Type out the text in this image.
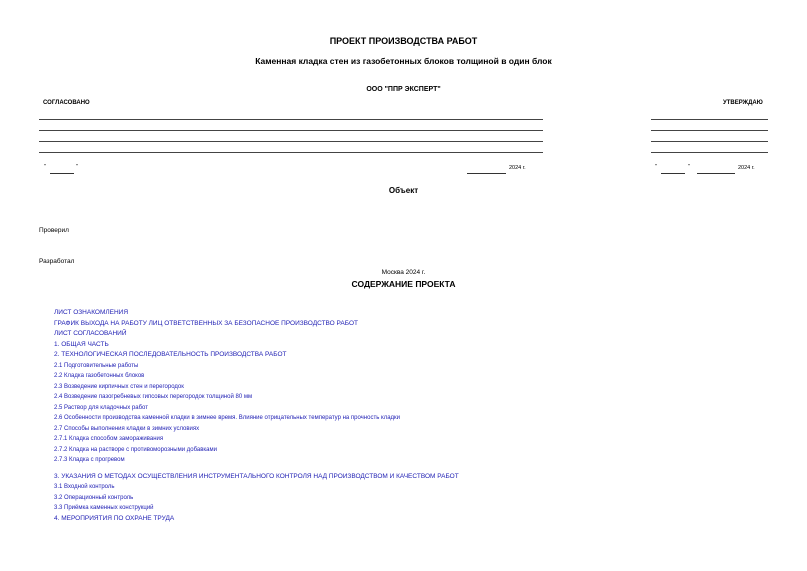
ПРОЕКТ ПРОИЗВОДСТВА РАБОТ
Каменная кладка стен из газобетонных блоков толщиной в один блок
ООО "ППР ЭКСПЕРТ"
СОГЛАСОВАНО	УТВЕРЖДАЮ
"	"	2024 г.	"	"	2024 г.
Объект
Проверил
Разработал
Москва 2024 г.
СОДЕРЖАНИЕ ПРОЕКТА
ЛИСТ ОЗНАКОМЛЕНИЯ
ГРАФИК ВЫХОДА НА РАБОТУ ЛИЦ ОТВЕТСТВЕННЫХ ЗА БЕЗОПАСНОЕ ПРОИЗВОДСТВО РАБОТ
ЛИСТ СОГЛАСОВАНИЙ
1. ОБЩАЯ ЧАСТЬ
2. ТЕХНОЛОГИЧЕСКАЯ ПОСЛЕДОВАТЕЛЬНОСТЬ ПРОИЗВОДСТВА РАБОТ
2.1 Подготовительные работы
2.2 Кладка газобетонных блоков
2.3 Возведение кирпичных стен и перегородок
2.4 Возведение пазогребневых гипсовых перегородок толщиной 80 мм
2.5 Раствор для кладочных работ
2.6 Особенности производства каменной кладки в зимнее время. Влияние отрицательных температур на прочность кладки
2.7 Способы выполнения кладки в зимних условиях
2.7.1 Кладка способом замораживания
2.7.2 Кладка на растворе с противоморозными добавками
2.7.3 Кладка с прогревом
3. УКАЗАНИЯ О МЕТОДАХ ОСУЩЕСТВЛЕНИЯ ИНСТРУМЕНТАЛЬНОГО КОНТРОЛЯ НАД ПРОИЗВОДСТВОМ И КАЧЕСТВОМ РАБОТ
3.1 Входной контроль
3.2 Операционный контроль
3.3 Приёмка каменных конструкций
4. МЕРОПРИЯТИЯ ПО ОХРАНЕ ТРУДА
